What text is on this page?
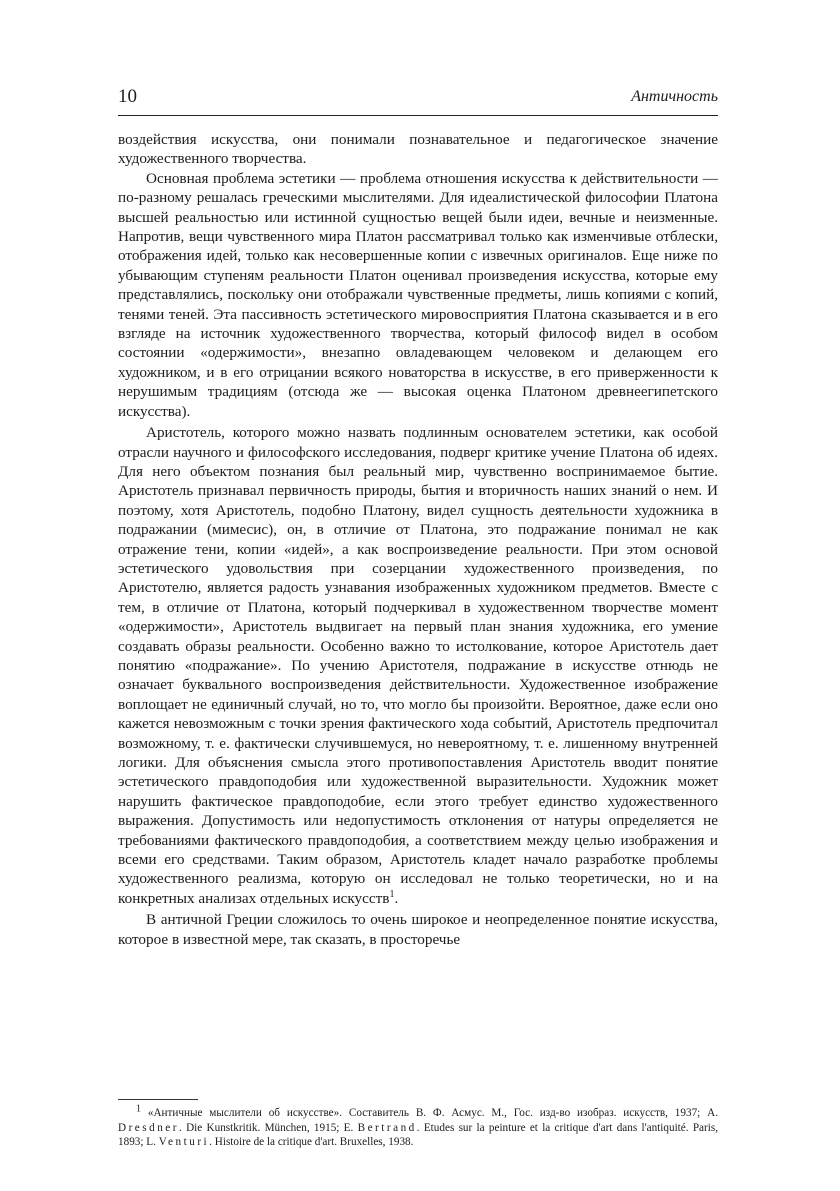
10	Античность

воздействия искусства, они понимали познавательное и педагогическое значение художественного творчества.

Основная проблема эстетики — проблема отношения искусства к действительности — по-разному решалась греческими мыслителями. Для идеалистической философии Платона высшей реальностью или истинной сущностью вещей были идеи, вечные и неизменные. Напротив, вещи чувственного мира Платон рассматривал только как изменчивые отблески, отображения идей, только как несовершенные копии с извечных оригиналов. Еще ниже по убывающим ступеням реальности Платон оценивал произведения искусства, которые ему представлялись, поскольку они отображали чувственные предметы, лишь копиями с копий, тенями теней. Эта пассивность эстетического мировосприятия Платона сказывается и в его взгляде на источник художественного творчества, который философ видел в особом состоянии «одержимости», внезапно овладевающем человеком и делающем его художником, и в его отрицании всякого новаторства в искусстве, в его приверженности к нерушимым традициям (отсюда же — высокая оценка Платоном древнеегипетского искусства).

Аристотель, которого можно назвать подлинным основателем эстетики, как особой отрасли научного и философского исследования, подверг критике учение Платона об идеях. Для него объектом познания был реальный мир, чувственно воспринимаемое бытие. Аристотель признавал первичность природы, бытия и вторичность наших знаний о нем. И поэтому, хотя Аристотель, подобно Платону, видел сущность деятельности художника в подражании (мимесис), он, в отличие от Платона, это подражание понимал не как отражение тени, копии «идей», а как воспроизведение реальности. При этом основой эстетического удовольствия при созерцании художественного произведения, по Аристотелю, является радость узнавания изображенных художником предметов. Вместе с тем, в отличие от Платона, который подчеркивал в художественном творчестве момент «одержимости», Аристотель выдвигает на первый план знания художника, его умение создавать образы реальности. Особенно важно то истолкование, которое Аристотель дает понятию «подражание». По учению Аристотеля, подражание в искусстве отнюдь не означает буквального воспроизведения действительности. Художественное изображение воплощает не единичный случай, но то, что могло бы произойти. Вероятное, даже если оно кажется невозможным с точки зрения фактического хода событий, Аристотель предпочитал возможному, т. е. фактически случившемуся, но невероятному, т. е. лишенному внутренней логики. Для объяснения смысла этого противопоставления Аристотель вводит понятие эстетического правдоподобия или художественной выразительности. Художник может нарушить фактическое правдоподобие, если этого требует единство художественного выражения. Допустимость или недопустимость отклонения от натуры определяется не требованиями фактического правдоподобия, а соответствием между целью изображения и всеми его средствами. Таким образом, Аристотель кладет начало разработке проблемы художественного реализма, которую он исследовал не только теоретически, но и на конкретных анализах отдельных искусств$^1$.

В античной Греции сложилось то очень широкое и неопределенное понятие искусства, которое в известной мере, так сказать, в просторечье

1 «Античные мыслители об искусстве». Составитель В. Ф. Асмус. М., Гос. изд-во изобраз. искусств, 1937; A. Dresdner. Die Kunstkritik. München, 1915; E. Bertrand. Etudes sur la peinture et la critique d'art dans l'antiquité. Paris, 1893; L. Venturi. Histoire de la critique d'art. Bruxelles, 1938.
